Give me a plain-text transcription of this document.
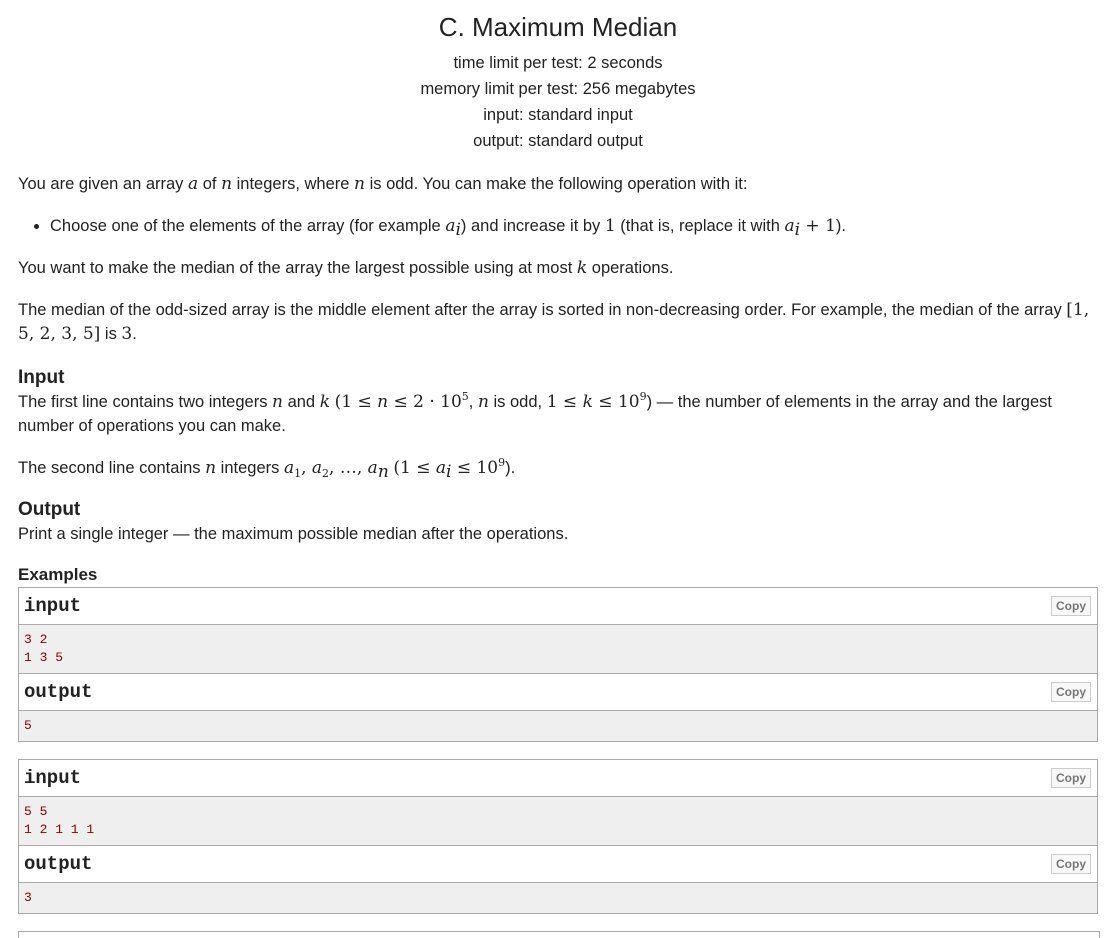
C. Maximum Median
time limit per test: 2 seconds
memory limit per test: 256 megabytes
input: standard input
output: standard output

You are given an array a of n integers, where n is odd. You can make the following operation with it:

• Choose one of the elements of the array (for example $a_i$) and increase it by 1 (that is, replace it with $a_i + 1$).

You want to make the median of the array the largest possible using at most k operations.

The median of the odd-sized array is the middle element after the array is sorted in non-decreasing order. For example, the median of the array [1, 5, 2, 3, 5] is 3.

Input

The first line contains two integers n and k ($1 \le n \le 2 \cdot 10^5$, n is odd, $1 \le k \le 10^9$) — the number of elements in the array and the largest number of operations you can make.

The second line contains n integers $a_1$, $a_2$, …, $a_n$ $(1 \le a_i \le 10^9)$.

Output

Print a single integer — the maximum possible median after the operations.

Examples
input	Copy
3 2
1 3 5
output	Copy
5
input	Copy
5 5
1 2 1 1 1
output	Copy
3
